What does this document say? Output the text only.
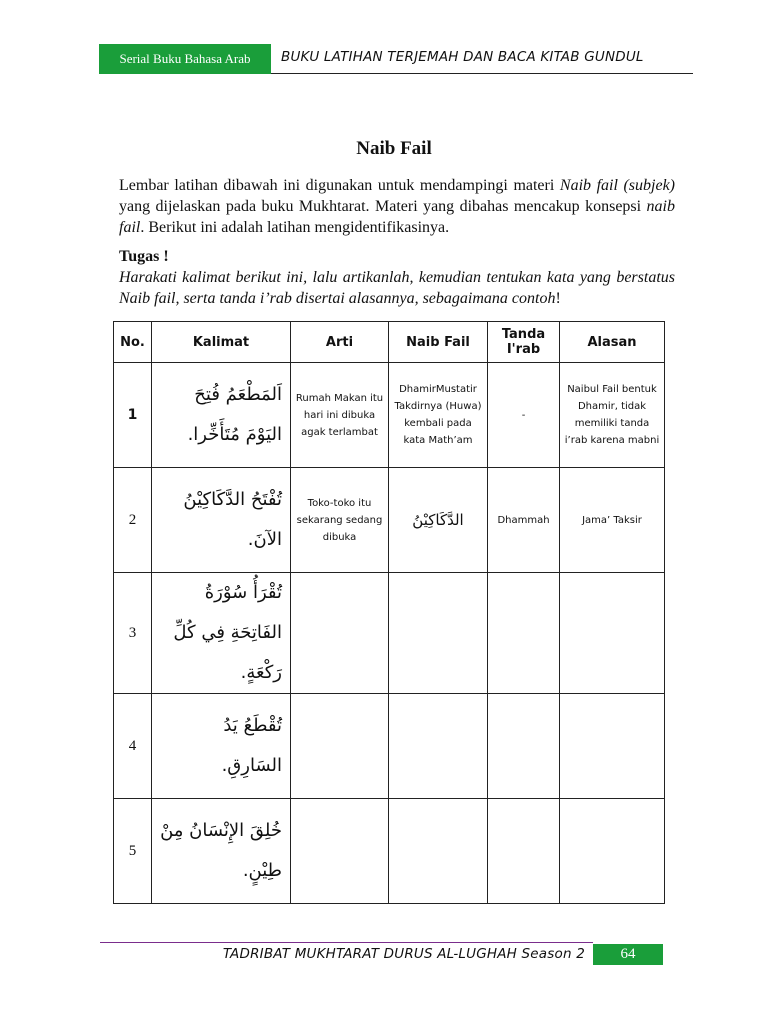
Serial Buku Bahasa Arab	BUKU LATIHAN TERJEMAH DAN BACA KITAB GUNDUL
Naib Fail
Lembar latihan dibawah ini digunakan untuk mendampingi materi Naib fail (subjek) yang dijelaskan pada buku Mukhtarat. Materi yang dibahas mencakup konsepsi naib fail. Berikut ini adalah latihan mengidentifikasinya.
Tugas !
Harakati kalimat berikut ini, lalu artikanlah, kemudian tentukan kata yang berstatus Naib fail, serta tanda i’rab disertai alasannya, sebagaimana contoh!
No.	Kalimat	Arti	Naib Fail	Tanda I'rab	Alasan
1	اَلمَطْعَمُ فُتِحَ اليَوْمَ مُتَأَخِّرا.	Rumah Makan itu hari ini dibuka agak terlambat	DhamirMustatir Takdirnya (Huwa) kembali pada kata Math’am	-	Naibul Fail bentuk Dhamir, tidak memiliki tanda i’rab karena mabni
2	تُفْتَحُ الدَّكَاكِيْنُ الآنَ.	Toko-toko itu sekarang sedang dibuka	الدَّكَاكِيْنُ	Dhammah	Jama’ Taksir
3	تُقْرَأُ سُوْرَةُ الفَاتِحَةِ فِي كُلِّ رَكْعَةٍ.				
4	تُقْطَعُ يَدُ السَارِقِ.				
5	خُلِقَ الإِنْسَانُ مِنْ طِيْنٍ.				
TADRIBAT MUKHTARAT DURUS AL-LUGHAH Season 2	64
